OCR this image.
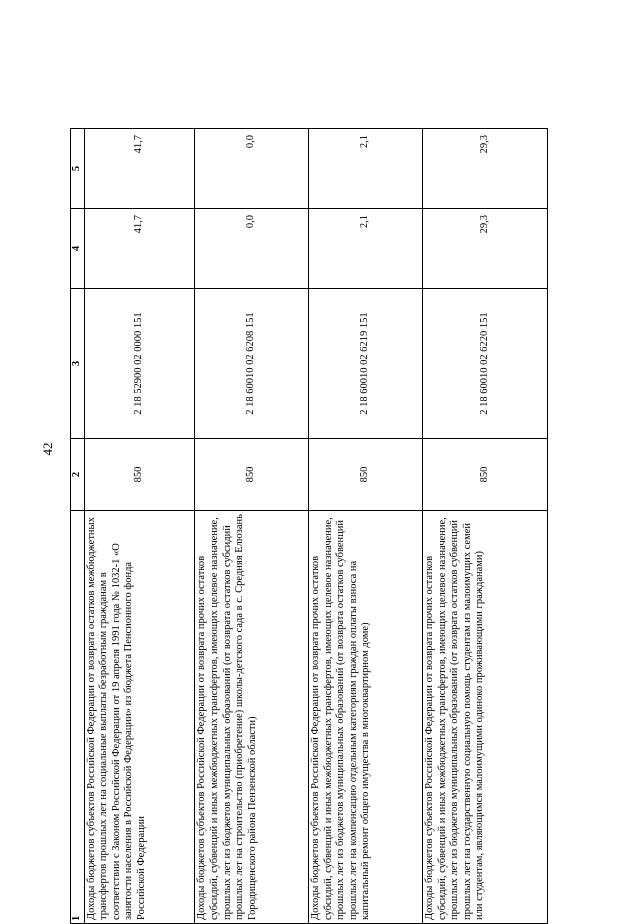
42
1	2	3	4	5
Доходы бюджетов субъектов Российской Федерации от возврата остатков межбюджетных трансфертов прошлых лет на социальные выплаты безработным гражданам в соответствии с Законом Российской Федерации от 19 апреля 1991 года № 1032-1 «О занятости населения в Российской Федерации» из бюджета Пенсионного фонда Российской Федерации	850	2 18 52900 02 0000 151	41,7	41,7
Доходы бюджетов субъектов Российской Федерации от возврата прочих остатков субсидий, субвенций и иных межбюджетных трансфертов, имеющих целевое назначение, прошлых лет из бюджетов муниципальных образований (от возврата остатков субсидий прошлых лет на строительство (приобретение) школы-детского сада в с. Средняя Елюзань Городищенского района Пензенской области)	850	2 18 60010 02 6208 151	0,0	0,0
Доходы бюджетов субъектов Российской Федерации от возврата прочих остатков субсидий, субвенций и иных межбюджетных трансфертов, имеющих целевое назначение, прошлых лет из бюджетов муниципальных образований (от возврата остатков субвенций прошлых лет на компенсацию отдельным категориям граждан оплаты взноса на капитальный ремонт общего имущества в многоквартирном доме)	850	2 18 60010 02 6219 151	2,1	2,1
Доходы бюджетов субъектов Российской Федерации от возврата прочих остатков субсидий, субвенций и иных межбюджетных трансфертов, имеющих целевое назначение, прошлых лет из бюджетов муниципальных образований (от возврата остатков субвенций прошлых лет на государственную социальную помощь студентам из малоимущих семей или студентам, являющимся малоимущими одиноко проживающими гражданами)	850	2 18 60010 02 6220 151	29,3	29,3
